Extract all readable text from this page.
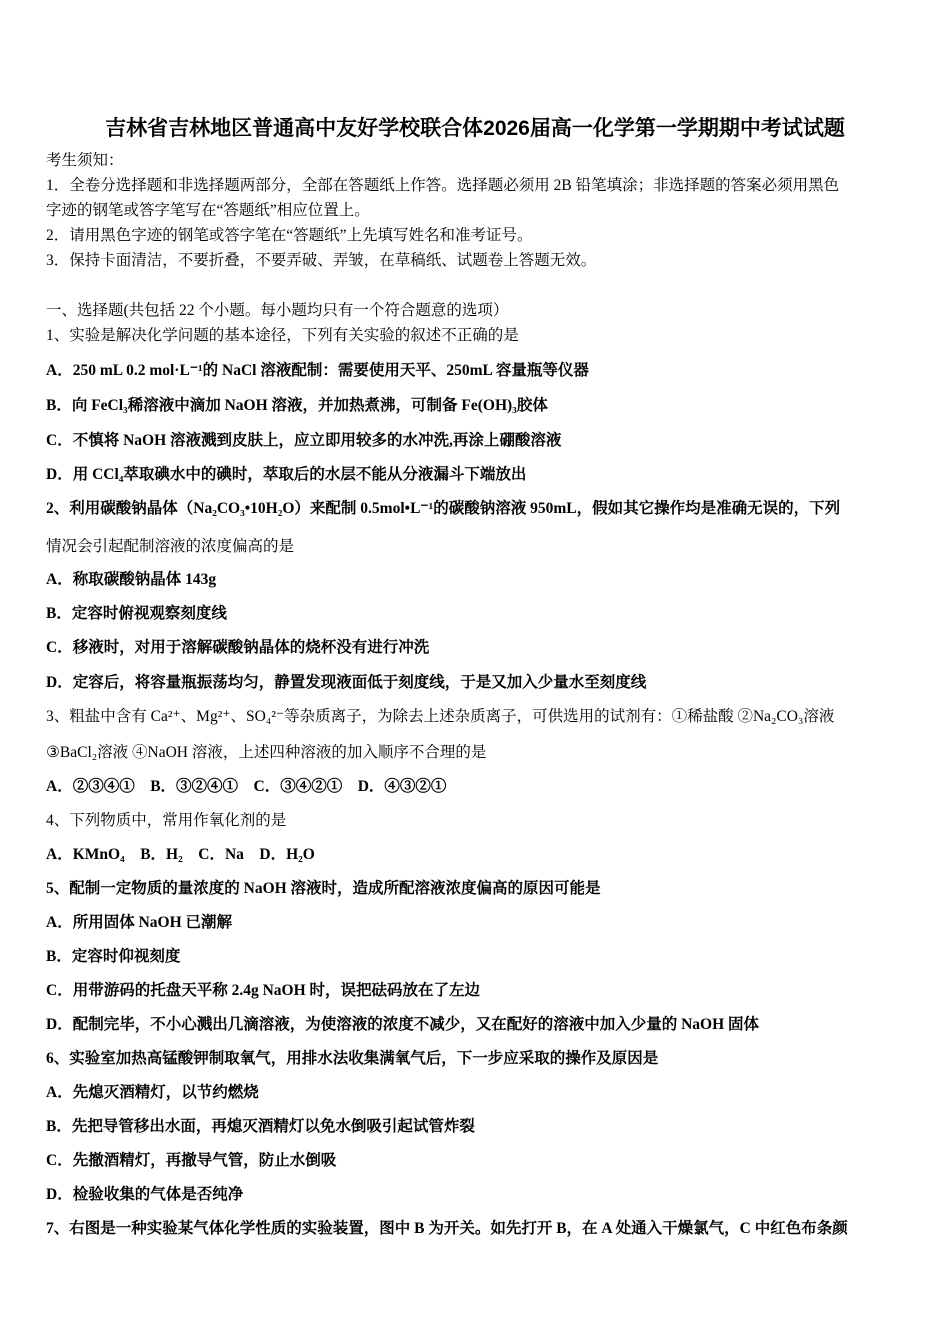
吉林省吉林地区普通高中友好学校联合体2026届高一化学第一学期期中考试试题
考生须知：
1．全卷分选择题和非选择题两部分，全部在答题纸上作答。选择题必须用 2B 铅笔填涂；非选择题的答案必须用黑色
字迹的钢笔或答字笔写在“答题纸”相应位置上。
2．请用黑色字迹的钢笔或答字笔在“答题纸”上先填写姓名和准考证号。
3．保持卡面清洁，不要折叠，不要弄破、弄皱，在草稿纸、试题卷上答题无效。
一、选择题(共包括 22 个小题。每小题均只有一个符合题意的选项）
1、实验是解决化学问题的基本途径，下列有关实验的叙述不正确的是
A．250 mL 0.2 mol·L⁻¹的 NaCl 溶液配制：需要使用天平、250mL 容量瓶等仪器
B．向 FeCl₃稀溶液中滴加 NaOH 溶液，并加热煮沸，可制备 Fe(OH)₃胶体
C．不慎将 NaOH 溶液溅到皮肤上，应立即用较多的水冲洗,再涂上硼酸溶液
D．用 CCl₄萃取碘水中的碘时，萃取后的水层不能从分液漏斗下端放出
2、利用碳酸钠晶体（Na₂CO₃•10H₂O）来配制 0.5mol•L⁻¹的碳酸钠溶液 950mL，假如其它操作均是准确无误的，下列
情况会引起配制溶液的浓度偏高的是
A．称取碳酸钠晶体 143g
B．定容时俯视观察刻度线
C．移液时，对用于溶解碳酸钠晶体的烧杯没有进行冲洗
D．定容后，将容量瓶振荡均匀，静置发现液面低于刻度线，于是又加入少量水至刻度线
3、粗盐中含有 Ca²⁺、Mg²⁺、SO₄²⁻等杂质离子，为除去上述杂质离子，可供选用的试剂有：①稀盐酸 ②Na₂CO₃溶液
③BaCl₂溶液 ④NaOH 溶液，上述四种溶液的加入顺序不合理的是
A．②③④①　B．③②④①　C．③④②①　D．④③②①
4、下列物质中，常用作氧化剂的是
A．KMnO₄　B．H₂　C．Na　D．H₂O
5、配制一定物质的量浓度的 NaOH 溶液时，造成所配溶液浓度偏高的原因可能是
A．所用固体 NaOH 已潮解
B．定容时仰视刻度
C．用带游码的托盘天平称 2.4g NaOH 时，误把砝码放在了左边
D．配制完毕，不小心溅出几滴溶液，为使溶液的浓度不减少，又在配好的溶液中加入少量的 NaOH 固体
6、实验室加热高锰酸钾制取氧气，用排水法收集满氧气后，下一步应采取的操作及原因是
A．先熄灭酒精灯，以节约燃烧
B．先把导管移出水面，再熄灭酒精灯以免水倒吸引起试管炸裂
C．先撤酒精灯，再撤导气管，防止水倒吸
D．检验收集的气体是否纯净
7、右图是一种实验某气体化学性质的实验装置，图中 B 为开关。如先打开 B，在 A 处通入干燥氯气，C 中红色布条颜
